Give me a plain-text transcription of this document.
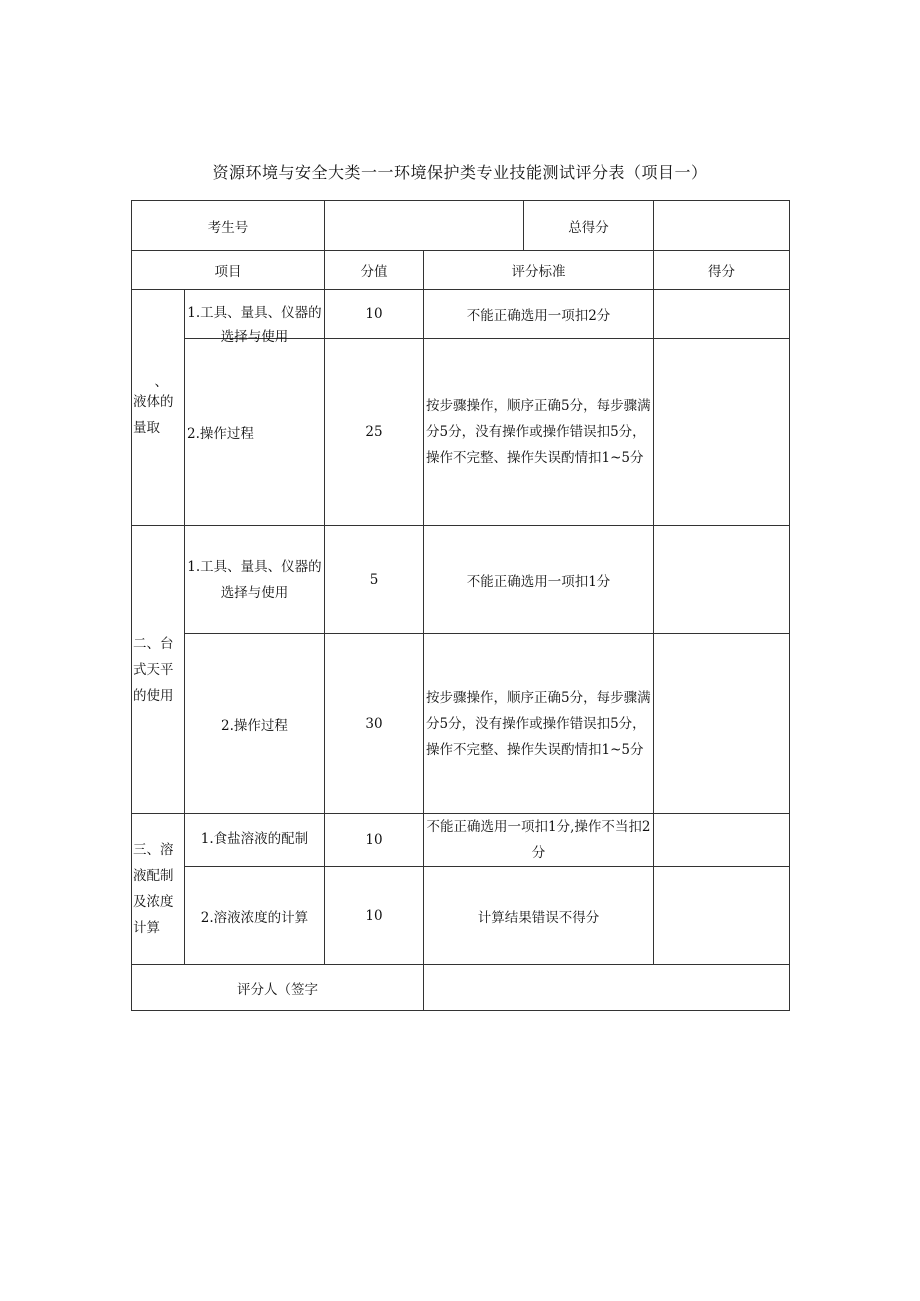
资源环境与安全大类一一环境保护类专业技能测试评分表（项目一）
考生号				总得分	
项目		分值	评分标准		得分

、
液体的量取	1.工具、量具、仪器的选择与使用	10	不能正确选用一项扣2分		
	2.操作过程	25	按步骤操作，顺序正确5分，每步骤满分5分，没有操作或操作错误扣5分，操作不完整、操作失误酌情扣1~5分		
二、台式天平的使用	1.工具、量具、仪器的选择与使用	5	不能正确选用一项扣1分		
	2.操作过程	30	按步骤操作，顺序正确5分，每步骤满分5分，没有操作或操作错误扣5分，操作不完整、操作失误酌情扣1~5分		
三、溶液配制及浓度计算	1.食盐溶液的配制	10	不能正确选用一项扣1分,操作不当扣2分		
	2.溶液浓度的计算	10	计算结果错误不得分		
评分人（签字					
